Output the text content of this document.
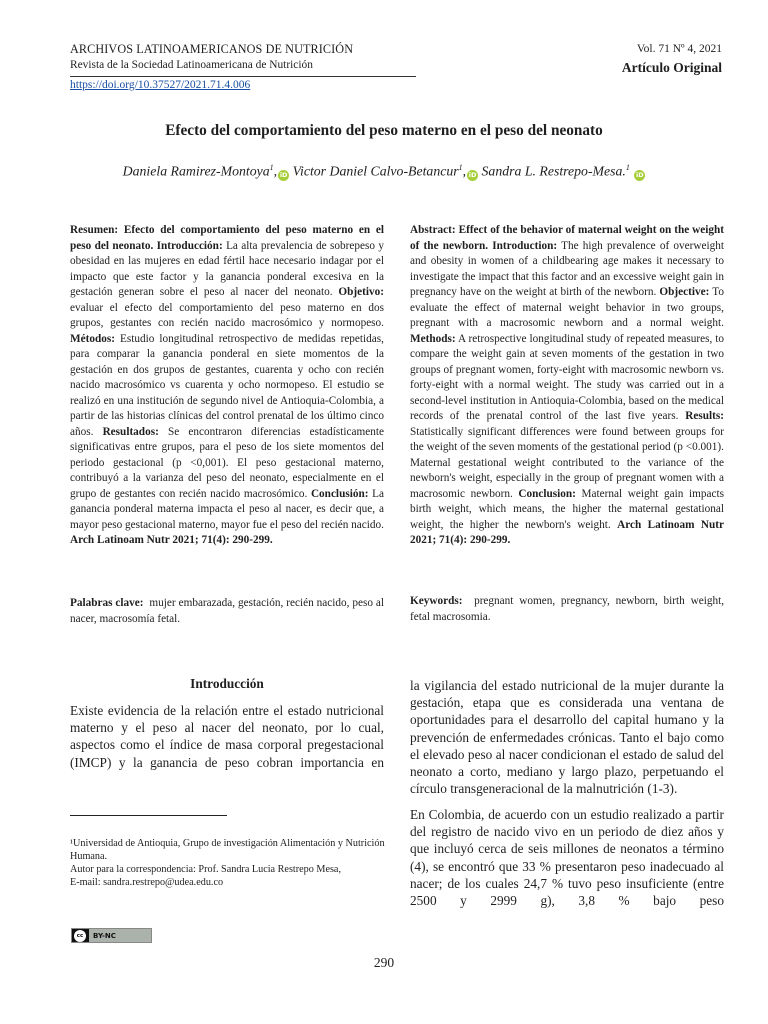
ARCHIVOS LATINOAMERICANOS DE NUTRICIÓN
Revista de la Sociedad Latinoamericana de Nutrición
Vol. 71 Nº 4, 2021
Artículo Original
https://doi.org/10.37527/2021.71.4.006
Efecto del comportamiento del peso materno en el peso del neonato
Daniela Ramirez-Montoya$^1$, iD Victor Daniel Calvo-Betancur$^1$, iD Sandra L. Restrepo-Mesa.$^1$ iD
Resumen: Efecto del comportamiento del peso materno en el peso del neonato. Introducción: La alta prevalencia de sobrepeso y obesidad en las mujeres en edad fértil hace necesario indagar por el impacto que este factor y la ganancia ponderal excesiva en la gestación generan sobre el peso al nacer del neonato. Objetivo: evaluar el efecto del comportamiento del peso materno en dos grupos, gestantes con recién nacido macrosómico y normopeso. Métodos: Estudio longitudinal retrospectivo de medidas repetidas, para comparar la ganancia ponderal en siete momentos de la gestación en dos grupos de gestantes, cuarenta y ocho con recién nacido macrosómico vs cuarenta y ocho normopeso. El estudio se realizó en una institución de segundo nivel de Antioquia-Colombia, a partir de las historias clínicas del control prenatal de los último cinco años. Resultados: Se encontraron diferencias estadísticamente significativas entre grupos, para el peso de los siete momentos del periodo gestacional (p <0,001). El peso gestacional materno, contribuyó a la varianza del peso del neonato, especialmente en el grupo de gestantes con recién nacido macrosómico. Conclusión: La ganancia ponderal materna impacta el peso al nacer, es decir que, a mayor peso gestacional materno, mayor fue el peso del recién nacido. Arch Latinoam Nutr 2021; 71(4): 290-299.
Palabras clave: mujer embarazada, gestación, recién nacido, peso al nacer, macrosomía fetal.
Abstract: Effect of the behavior of maternal weight on the weight of the newborn. Introduction: The high prevalence of overweight and obesity in women of a childbearing age makes it necessary to investigate the impact that this factor and an excessive weight gain in pregnancy have on the weight at birth of the newborn. Objective: To evaluate the effect of maternal weight behavior in two groups, pregnant with a macrosomic newborn and a normal weight. Methods: A retrospective longitudinal study of repeated measures, to compare the weight gain at seven moments of the gestation in two groups of pregnant women, forty-eight with macrosomic newborn vs. forty-eight with a normal weight. The study was carried out in a second-level institution in Antioquia-Colombia, based on the medical records of the prenatal control of the last five years. Results: Statistically significant differences were found between groups for the weight of the seven moments of the gestational period (p <0.001). Maternal gestational weight contributed to the variance of the newborn's weight, especially in the group of pregnant women with a macrosomic newborn. Conclusion: Maternal weight gain impacts birth weight, which means, the higher the maternal gestational weight, the higher the newborn's weight. Arch Latinoam Nutr 2021; 71(4): 290-299.
Keywords: pregnant women, pregnancy, newborn, birth weight, fetal macrosomia.
Introducción
Existe evidencia de la relación entre el estado nutricional materno y el peso al nacer del neonato, por lo cual, aspectos como el índice de masa corporal pregestacional (IMCP) y la ganancia de peso cobran importancia en
la vigilancia del estado nutricional de la mujer durante la gestación, etapa que es considerada una ventana de oportunidades para el desarrollo del capital humano y la prevención de enfermedades crónicas. Tanto el bajo como el elevado peso al nacer condicionan el estado de salud del neonato a corto, mediano y largo plazo, perpetuando el círculo transgeneracional de la malnutrición (1-3).
En Colombia, de acuerdo con un estudio realizado a partir del registro de nacido vivo en un periodo de diez años y que incluyó cerca de seis millones de neonatos a término (4), se encontró que 33 % presentaron peso inadecuado al nacer; de los cuales 24,7 % tuvo peso insuficiente (entre 2500 y 2999 g), 3,8 % bajo peso
¹Universidad de Antioquia, Grupo de investigación Alimentación y Nutrición Humana.
Autor para la correspondencia: Prof. Sandra Lucia Restrepo Mesa,
E-mail: sandra.restrepo@udea.edu.co
cc	BY-NC
290
